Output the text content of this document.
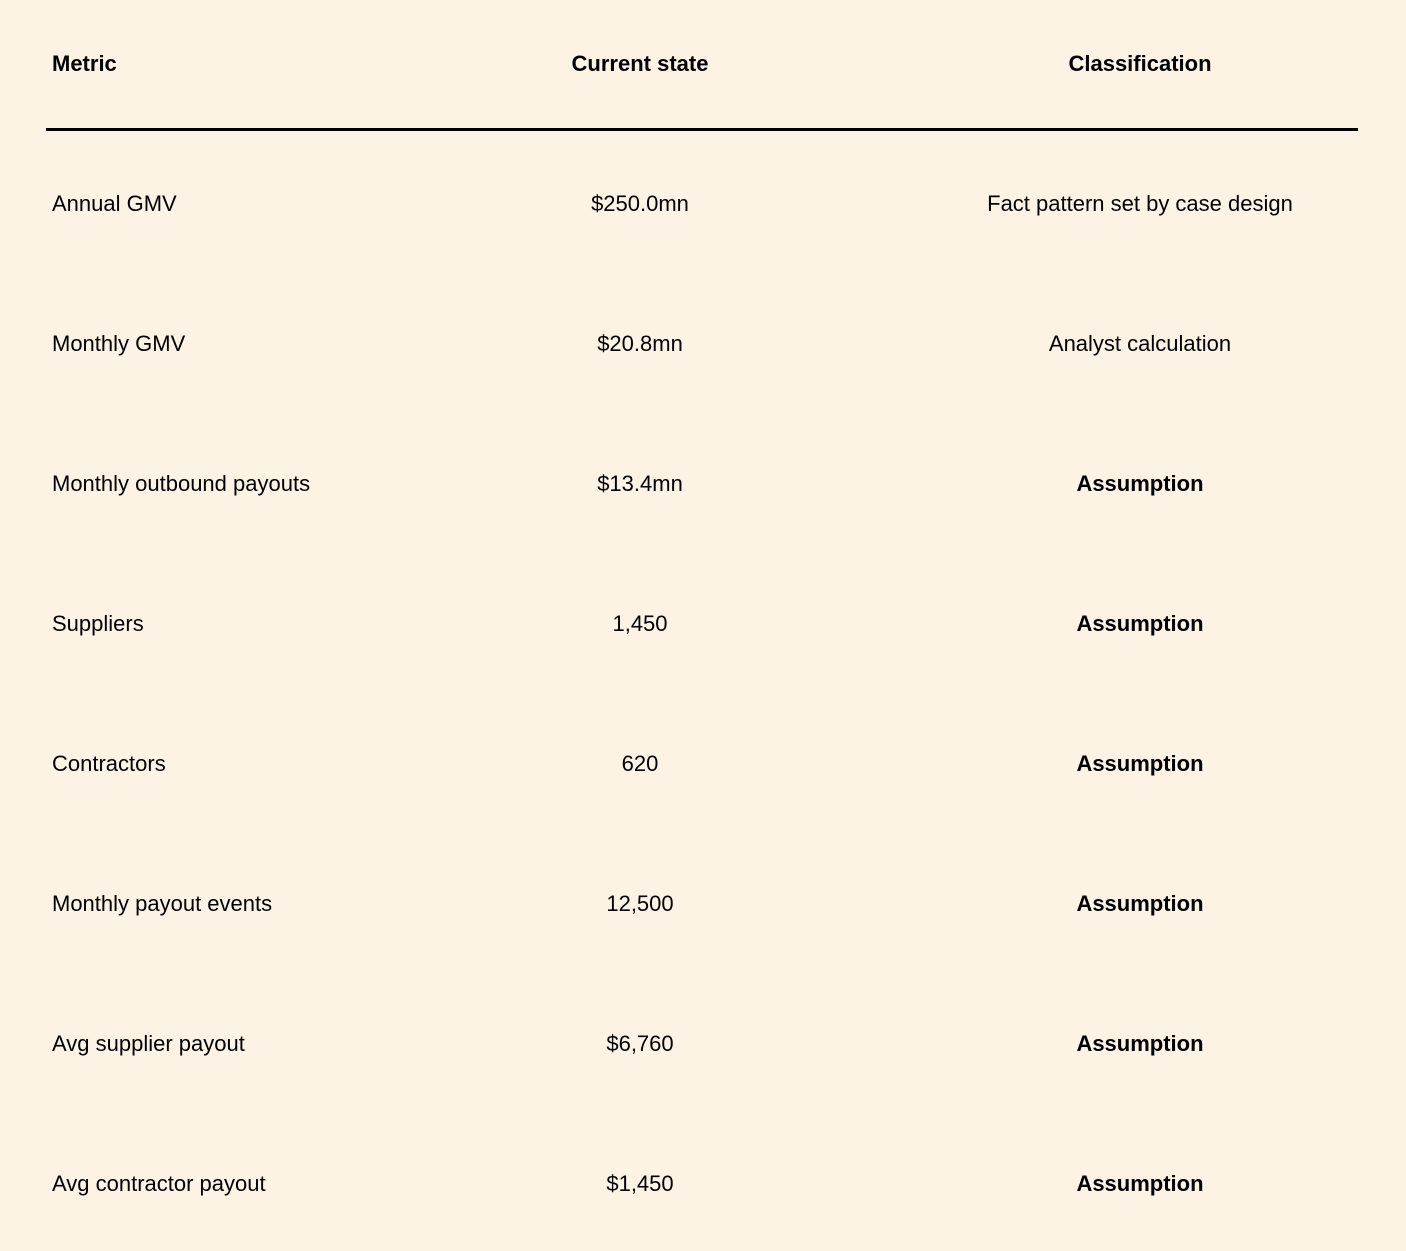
Metric	Current state	Classification
Annual GMV	$250.0mn	Fact pattern set by case design
Monthly GMV	$20.8mn	Analyst calculation
Monthly outbound payouts	$13.4mn	Assumption
Suppliers	1,450	Assumption
Contractors	620	Assumption
Monthly payout events	12,500	Assumption
Avg supplier payout	$6,760	Assumption
Avg contractor payout	$1,450	Assumption
